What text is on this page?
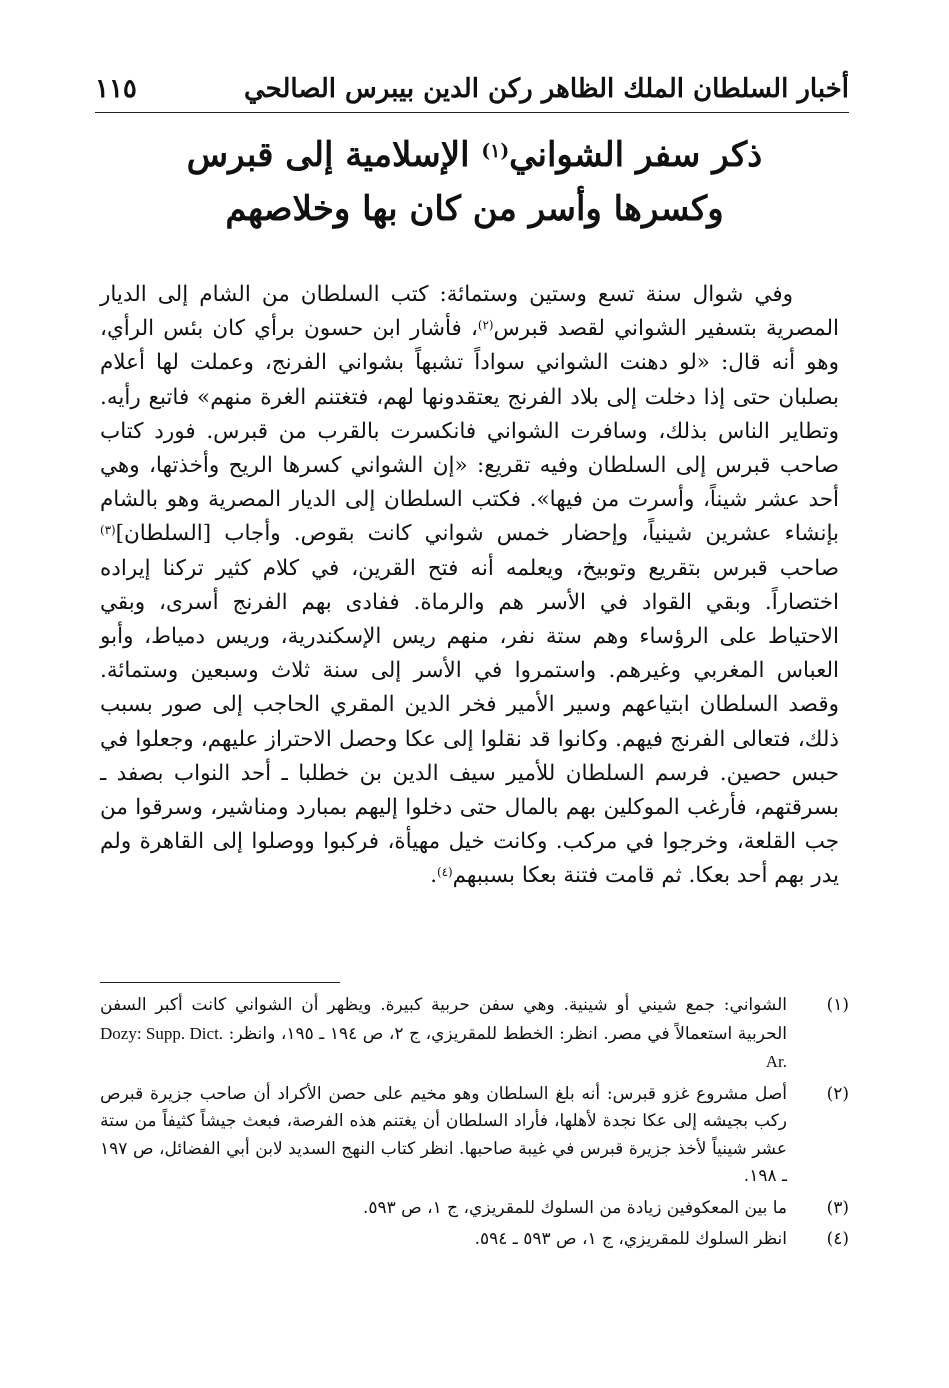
أخبار السلطان الملك الظاهر ركن الدين بيبرس الصالحي
١١٥
ذكر سفر الشواني$^{(١)}$ الإسلامية إلى قبرس
وكسرها وأسر من كان بها وخلاصهم

وفي شوال سنة تسع وستين وستمائة: كتب السلطان من الشام إلى الديار المصرية بتسفير الشواني لقصد قبرس$^{(٢)}$، فأشار ابن حسون برأي كان بئس الرأي، وهو أنه قال: «لو دهنت الشواني سواداً تشبهاً بشواني الفرنج، وعملت لها أعلام بصلبان حتى إذا دخلت إلى بلاد الفرنج يعتقدونها لهم، فتغتنم الغرة منهم» فاتبع رأيه. وتطاير الناس بذلك، وسافرت الشواني فانكسرت بالقرب من قبرس. فورد كتاب صاحب قبرس إلى السلطان وفيه تقريع: «إن الشواني كسرها الريح وأخذتها، وهي أحد عشر شيناً، وأسرت من فيها». فكتب السلطان إلى الديار المصرية وهو بالشام بإنشاء عشرين شينياً، وإحضار خمس شواني كانت بقوص. وأجاب [السلطان]$^{(٣)}$ صاحب قبرس بتقريع وتوبيخ، ويعلمه أنه فتح القرين، في كلام كثير تركنا إيراده اختصاراً. وبقي القواد في الأسر هم والرماة. ففادى بهم الفرنج أسرى، وبقي الاحتياط على الرؤساء وهم ستة نفر، منهم ريس الإسكندرية، وريس دمياط، وأبو العباس المغربي وغيرهم. واستمروا في الأسر إلى سنة ثلاث وسبعين وستمائة. وقصد السلطان ابتياعهم وسير الأمير فخر الدين المقري الحاجب إلى صور بسبب ذلك، فتعالى الفرنج فيهم. وكانوا قد نقلوا إلى عكا وحصل الاحتراز عليهم، وجعلوا في حبس حصين. فرسم السلطان للأمير سيف الدين بن خطلبا ـ أحد النواب بصفد ـ بسرقتهم، فأرغب الموكلين بهم بالمال حتى دخلوا إليهم بمبارد ومناشير، وسرقوا من جب القلعة، وخرجوا في مركب. وكانت خيل مهيأة، فركبوا ووصلوا إلى القاهرة ولم يدر بهم أحد بعكا. ثم قامت فتنة بعكا بسببهم$^{(٤)}$.

(١)
الشواني: جمع شيني أو شينية. وهي سفن حربية كبيرة. ويظهر أن الشواني كانت أكبر السفن الحربية استعمالاً في مصر. انظر: الخطط للمقريزي، ج ٢، ص ١٩٤ ـ ١٩٥، وانظر: Dozy: Supp. Dict. Ar.
(٢)
أصل مشروع غزو قبرس: أنه بلغ السلطان وهو مخيم على حصن الأكراد أن صاحب جزيرة قبرص ركب بجيشه إلى عكا نجدة لأهلها، فأراد السلطان أن يغتنم هذه الفرصة، فبعث جيشاً كثيفاً من ستة عشر شينياً لأخذ جزيرة قبرس في غيبة صاحبها. انظر كتاب النهج السديد لابن أبي الفضائل، ص ١٩٧ ـ ١٩٨.
(٣)
ما بين المعكوفين زيادة من السلوك للمقريزي، ج ١، ص ٥٩٣.
(٤)
انظر السلوك للمقريزي، ج ١، ص ٥٩٣ ـ ٥٩٤.
